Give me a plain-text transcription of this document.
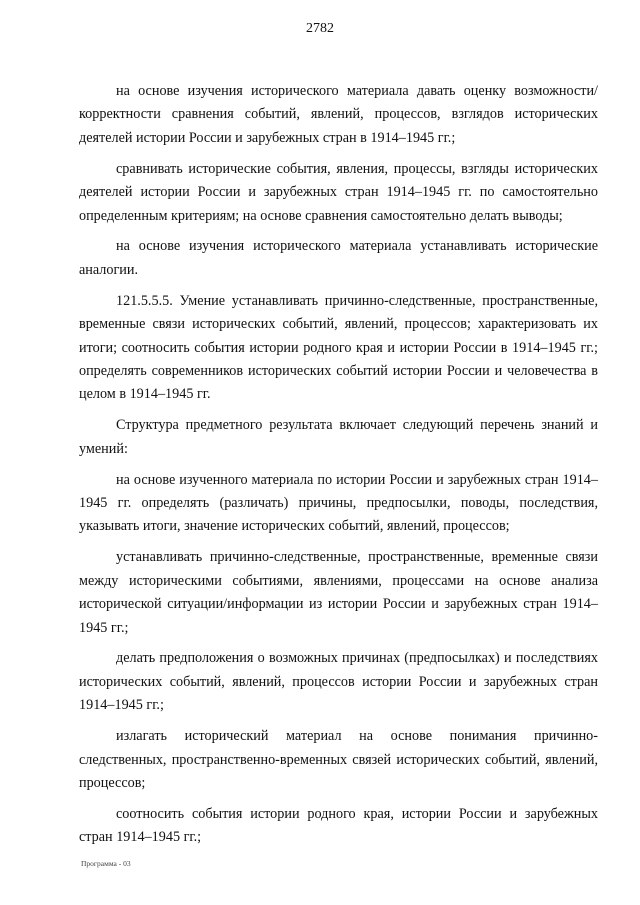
2782

на основе изучения исторического материала давать оценку возможности/корректности сравнения событий, явлений, процессов, взглядов исторических деятелей истории России и зарубежных стран в 1914–1945 гг.;

сравнивать исторические события, явления, процессы, взгляды исторических деятелей истории России и зарубежных стран 1914–1945 гг. по самостоятельно определенным критериям; на основе сравнения самостоятельно делать выводы;

на основе изучения исторического материала устанавливать исторические аналогии.

121.5.5.5. Умение устанавливать причинно-следственные, пространственные, временные связи исторических событий, явлений, процессов; характеризовать их итоги; соотносить события истории родного края и истории России в 1914–1945 гг.; определять современников исторических событий истории России и человечества в целом в 1914–1945 гг.

Структура предметного результата включает следующий перечень знаний и умений:

на основе изученного материала по истории России и зарубежных стран 1914–1945 гг. определять (различать) причины, предпосылки, поводы, последствия, указывать итоги, значение исторических событий, явлений, процессов;

устанавливать причинно-следственные, пространственные, временные связи между историческими событиями, явлениями, процессами на основе анализа исторической ситуации/информации из истории России и зарубежных стран 1914–1945 гг.;

делать предположения о возможных причинах (предпосылках) и последствиях исторических событий, явлений, процессов истории России и зарубежных стран 1914–1945 гг.;

излагать исторический материал на основе понимания причинно-следственных, пространственно-временных связей исторических событий, явлений, процессов;

соотносить события истории родного края, истории России и зарубежных стран 1914–1945 гг.;

Программа - 03
